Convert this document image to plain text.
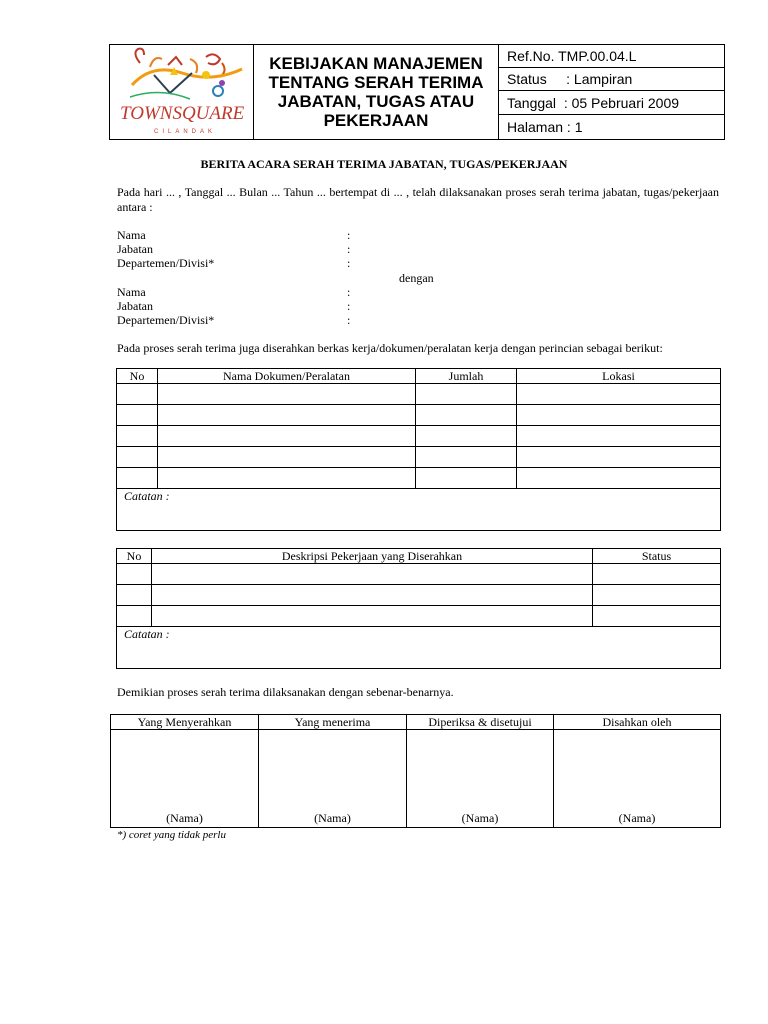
TOWNSQUARE
CILANDAK
KEBIJAKAN MANAJEMEN
TENTANG SERAH TERIMA
JABATAN, TUGAS ATAU
PEKERJAAN
Ref.No. TMP.00.04.L
Status     : Lampiran
Tanggal  : 05 Pebruari 2009
Halaman : 1
BERITA ACARA SERAH TERIMA JABATAN, TUGAS/PEKERJAAN
Pada hari ... , Tanggal ... Bulan ... Tahun ... bertempat di ... , telah dilaksanakan proses serah terima jabatan, tugas/pekerjaan antara :
Nama	:
Jabatan	:
Departemen/Divisi*	:
dengan
Nama	:
Jabatan	:
Departemen/Divisi*	:
Pada proses serah terima juga diserahkan berkas kerja/dokumen/peralatan kerja dengan perincian sebagai berikut:
No	Nama Dokumen/Peralatan	Jumlah	Lokasi

Catatan :			
No	Deskripsi Pekerjaan yang Diserahkan	Status

Catatan :		
Demikian proses serah terima dilaksanakan dengan sebenar-benarnya.
Yang Menyerahkan	Yang menerima	Diperiksa & disetujui	Disahkan oleh

(Nama)	(Nama)	(Nama)	(Nama)
*) coret yang tidak perlu
